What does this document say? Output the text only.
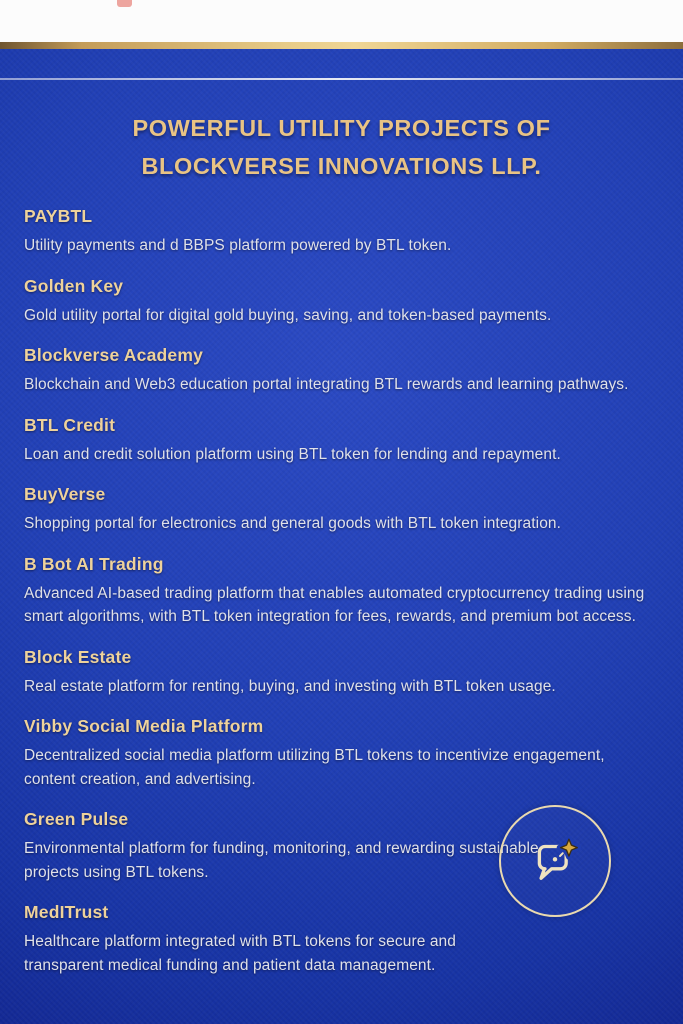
POWERFUL UTILITY PROJECTS OF
BLOCKVERSE INNOVATIONS LLP.
PAYBTL

Utility payments and d BBPS platform powered by BTL token.

Golden Key

Gold utility portal for digital gold buying, saving, and token-based payments.

Blockverse Academy

Blockchain and Web3 education portal integrating BTL rewards and learning pathways.

BTL Credit

Loan and credit solution platform using BTL token for lending and repayment.

BuyVerse

Shopping portal for electronics and general goods with BTL token integration.

B Bot AI Trading

Advanced AI-based trading platform that enables automated cryptocurrency trading using smart algorithms, with BTL token integration for fees, rewards, and premium bot access.

Block Estate

Real estate platform for renting, buying, and investing with BTL token usage.

Vibby Social Media Platform

Decentralized social media platform utilizing BTL tokens to incentivize engagement, content creation, and advertising.

Green Pulse

Environmental platform for funding, monitoring, and rewarding sustainable projects using BTL tokens.

MedITrust

Healthcare platform integrated with BTL tokens for secure and transparent medical funding and patient data management.
